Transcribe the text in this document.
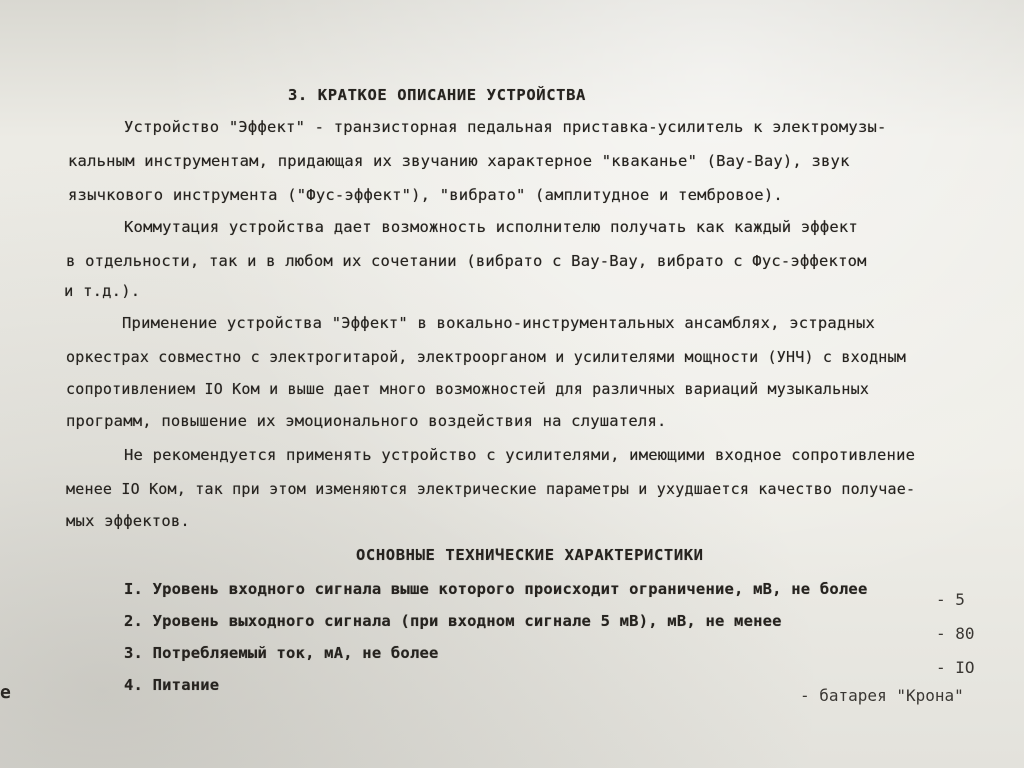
3. КРАТКОЕ ОПИСАНИЕ УСТРОЙСТВА
Устройство "Эффект" - транзисторная педальная приставка-усилитель к электромузы-
кальным инструментам, придающая их звучанию характерное "кваканье" (Вау-Вау), звук
язычкового инструмента ("Фус-эффект"), "вибрато" (амплитудное и тембровое).
Коммутация устройства дает возможность исполнителю получать как каждый эффект
в отдельности, так и в любом их сочетании (вибрато с Вау-Вау, вибрато с Фус-эффектом
и т.д.).
Применение устройства "Эффект" в вокально-инструментальных ансамблях, эстрадных
оркестрах совместно с электрогитарой, электроорганом и усилителями мощности (УНЧ) с входным
сопротивлением IO Ком и выше дает много возможностей для различных вариаций музыкальных
программ, повышение их эмоционального воздействия на слушателя.
Не рекомендуется применять устройство с усилителями, имеющими входное сопротивление
менее IO Ком, так при этом изменяются электрические параметры и ухудшается качество получае-
мых эффектов.
ОСНОВНЫЕ ТЕХНИЧЕСКИЕ ХАРАКТЕРИСТИКИ
I. Уровень входного сигнала выше которого происходит ограничение, мВ, не более
- 5
2. Уровень выходного сигнала (при входном сигнале 5 мВ), мВ, не менее
- 80
3. Потребляемый ток, мА, не более
- IO
4. Питание
- батарея "Крона"
e
